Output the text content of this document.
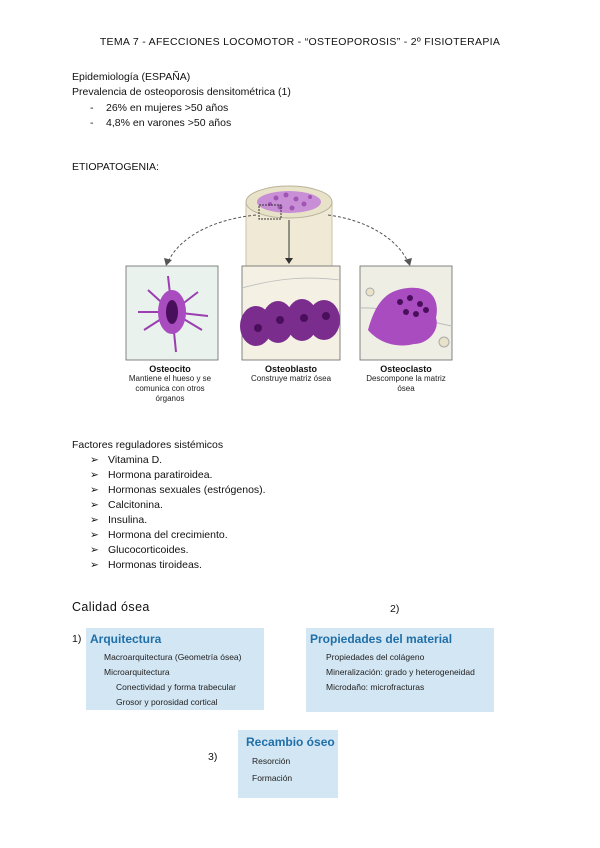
TEMA 7 - AFECCIONES LOCOMOTOR - “OSTEOPOROSIS” - 2º FISIOTERAPIA
Epidemiología (ESPAÑA)
Prevalencia de osteoporosis densitométrica (1)
- 26% en mujeres >50 años
- 4,8% en varones >50 años
ETIOPATOGENIA:
Osteocito
Mantiene el hueso y se
comunica con otros
órganos
Osteoblasto
Construye matriz ósea
Osteoclasto
Descompone la matriz
ósea
Factores reguladores sistémicos
➢ Vitamina D.
➢ Hormona paratiroidea.
➢ Hormonas sexuales (estrógenos).
➢ Calcitonina.
➢ Insulina.
➢ Hormona del crecimiento.
➢ Glucocorticoides.
➢ Hormonas tiroideas.
Calidad ósea	2)
1)
3)
Arquitectura
Macroarquitectura (Geometría ósea)
Microarquitectura
Conectividad y forma trabecular
Grosor y porosidad cortical
Propiedades del material
Propiedades del colágeno
Mineralización: grado y heterogeneidad
Microdaño: microfracturas
Recambio óseo
Resorción
Formación
